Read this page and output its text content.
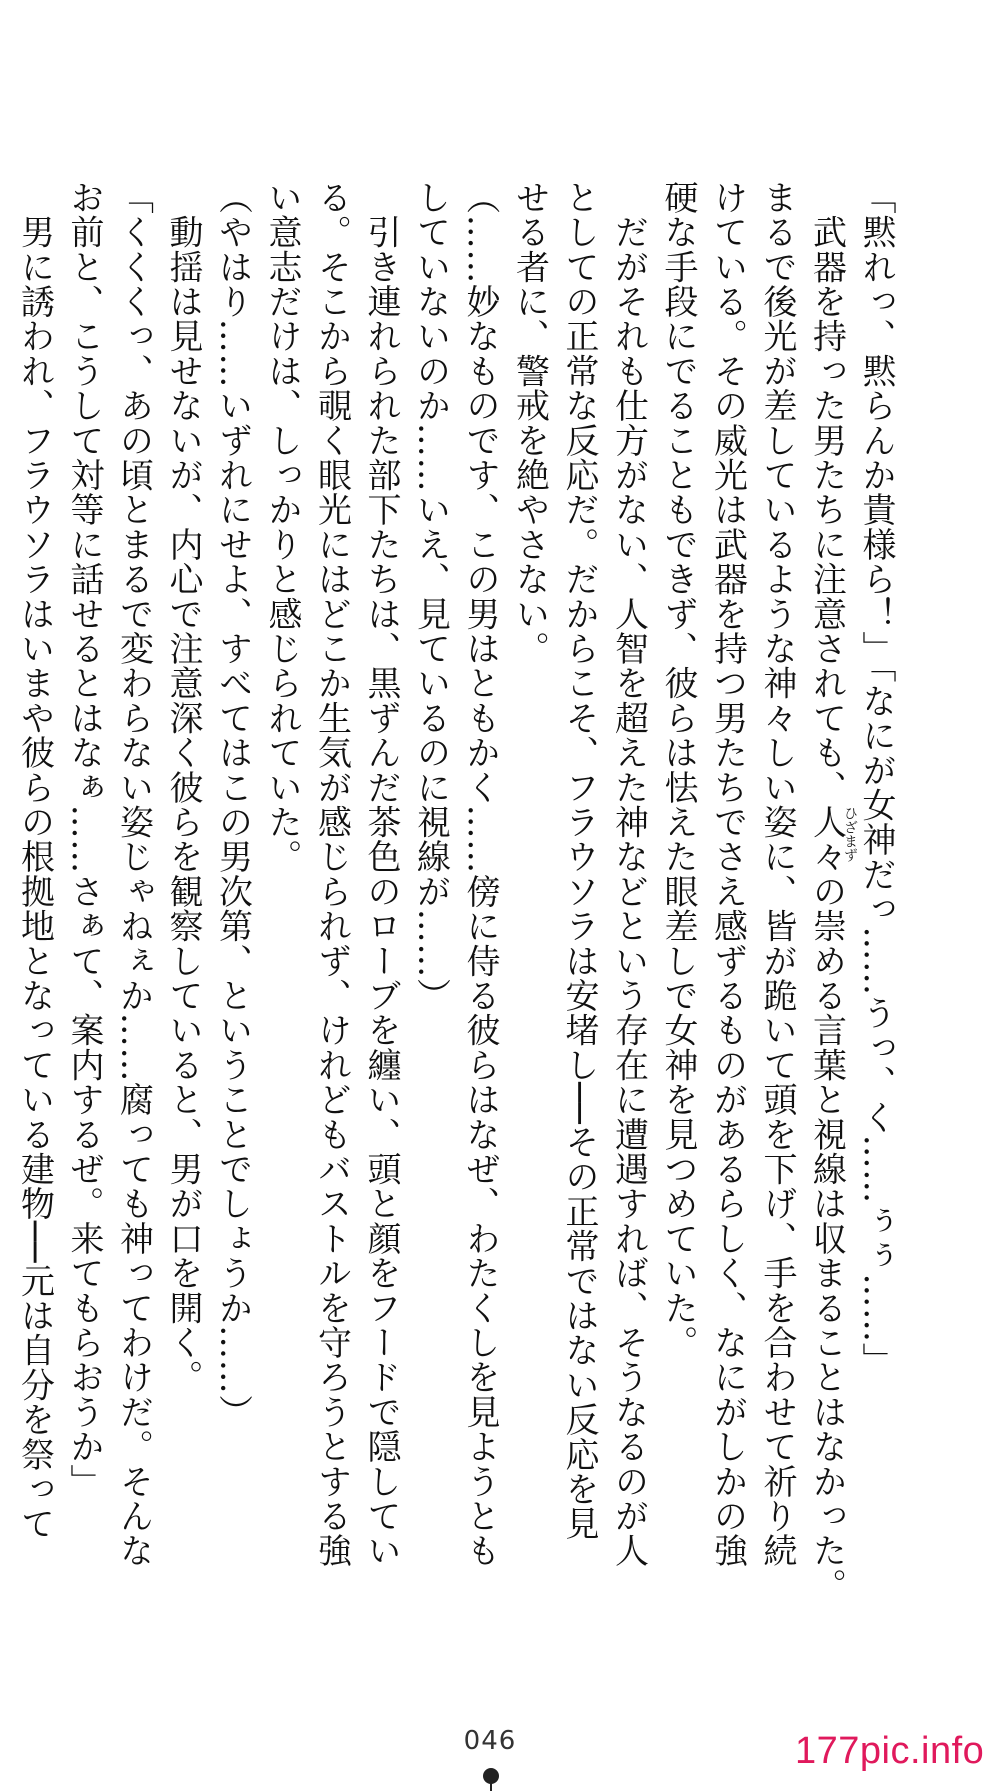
「黙れっ、黙らんか貴様ら！」「なにが女神だっ……うっ、く……ぅぅ……」

　武器を持った男たちに注意されても、人々の崇める言葉と視線は収まることはなかった。

まるで後光が差しているような神々しい姿に、皆が跪いて頭を下げ、手を合わせて祈り続

けている。その威光は武器を持つ男たちでさえ感ずるものがあるらしく、なにがしかの強

硬な手段にでることもできず、彼らは怯えた眼差しで女神を見つめていた。

　だがそれも仕方がない、人智を超えた神などという存在に遭遇すれば、そうなるのが人

としての正常な反応だ。だからこそ、フラウソラは安堵し──その正常ではない反応を見

せる者に、警戒を絶やさない。

（……妙なものです、この男はともかく……傍に侍る彼らはなぜ、わたくしを見ようとも

していないのか……いえ、見ているのに視線が……）

　引き連れられた部下たちは、黒ずんだ茶色のローブを纏い、頭と顔をフードで隠してい

る。そこから覗く眼光にはどこか生気が感じられず、けれどもバストルを守ろうとする強

い意志だけは、しっかりと感じられていた。

（やはり……いずれにせよ、すべてはこの男次第、ということでしょうか……）

　動揺は見せないが、内心で注意深く彼らを観察していると、男が口を開く。

「くくくっ、あの頃とまるで変わらない姿じゃねぇか……腐っても神ってわけだ。そんな

お前と、こうして対等に話せるとはなぁ……さぁて、案内するぜ。来てもらおうか」

　男に誘われ、フラウソラはいまや彼らの根拠地となっている建物──元は自分を祭って	ひざまず
046	177pic.info
